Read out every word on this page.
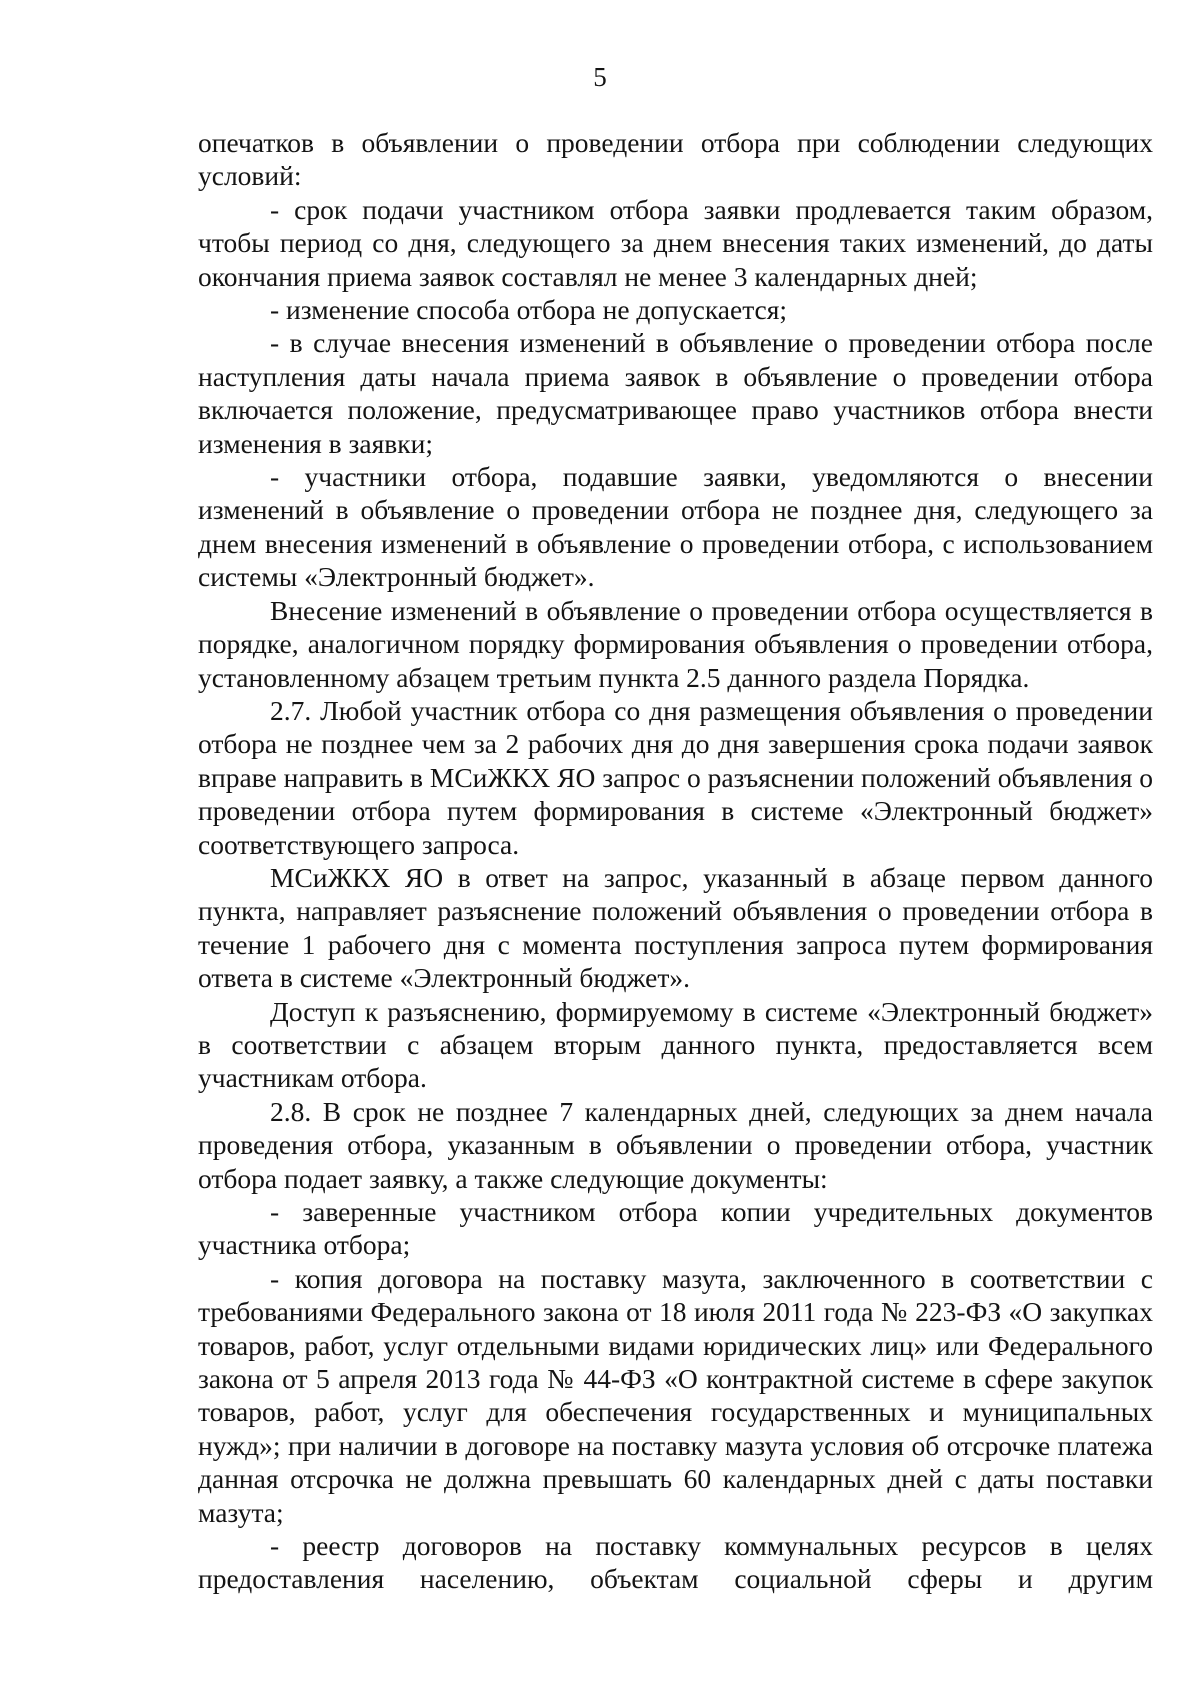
5

опечатков в объявлении о проведении отбора при соблюдении следующих условий:

- срок подачи участником отбора заявки продлевается таким образом, чтобы период со дня, следующего за днем внесения таких изменений, до даты окончания приема заявок составлял не менее 3 календарных дней;

- изменение способа отбора не допускается;

- в случае внесения изменений в объявление о проведении отбора после наступления даты начала приема заявок в объявление о проведении отбора включается положение, предусматривающее право участников отбора внести изменения в заявки;

- участники отбора, подавшие заявки, уведомляются о внесении изменений в объявление о проведении отбора не позднее дня, следующего за днем внесения изменений в объявление о проведении отбора, с использованием системы «Электронный бюджет».

Внесение изменений в объявление о проведении отбора осуществляется в порядке, аналогичном порядку формирования объявления о проведении отбора, установленному абзацем третьим пункта 2.5 данного раздела Порядка.

2.7. Любой участник отбора со дня размещения объявления о проведении отбора не позднее чем за 2 рабочих дня до дня завершения срока подачи заявок вправе направить в МСиЖКХ ЯО запрос о разъяснении положений объявления о проведении отбора путем формирования в системе «Электронный бюджет» соответствующего запроса.

МСиЖКХ ЯО в ответ на запрос, указанный в абзаце первом данного пункта, направляет разъяснение положений объявления о проведении отбора в течение 1 рабочего дня с момента поступления запроса путем формирования ответа в системе «Электронный бюджет».

Доступ к разъяснению, формируемому в системе «Электронный бюджет» в соответствии с абзацем вторым данного пункта, предоставляется всем участникам отбора.

2.8. В срок не позднее 7 календарных дней, следующих за днем начала проведения отбора, указанным в объявлении о проведении отбора, участник отбора подает заявку, а также следующие документы:

- заверенные участником отбора копии учредительных документов участника отбора;

- копия договора на поставку мазута, заключенного в соответствии с требованиями Федерального закона от 18 июля 2011 года № 223-ФЗ «О закупках товаров, работ, услуг отдельными видами юридических лиц» или Федерального закона от 5 апреля 2013 года № 44-ФЗ «О контрактной системе в сфере закупок товаров, работ, услуг для обеспечения государственных и муниципальных нужд»; при наличии в договоре на поставку мазута условия об отсрочке платежа данная отсрочка не должна превышать 60 календарных дней с даты поставки мазута;

- реестр договоров на поставку коммунальных ресурсов в целях предоставления населению, объектам социальной сферы и другим
